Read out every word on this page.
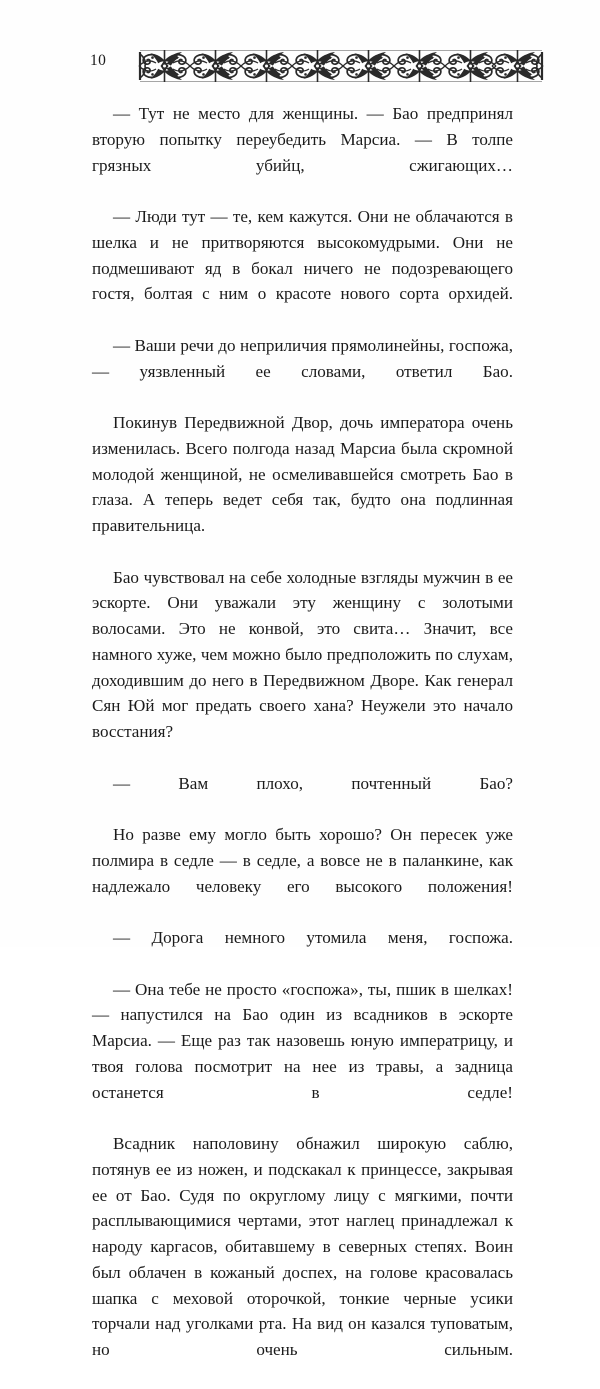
10

— Тут не место для женщины. — Бао предпринял вторую попытку переубедить Марсиа. — В толпе грязных убийц, сжигающих…

— Люди тут — те, кем кажутся. Они не облачаются в шелка и не притворяются высокомудрыми. Они не подмешивают яд в бокал ничего не подозревающего гостя, болтая с ним о красоте нового сорта орхидей.

— Ваши речи до неприличия прямолинейны, госпожа, — уязвленный ее словами, ответил Бао.

Покинув Передвижной Двор, дочь императора очень изменилась. Всего полгода назад Марсиа была скромной молодой женщиной, не осмеливавшейся смотреть Бао в глаза. А теперь ведет себя так, будто она подлинная правительница.

Бао чувствовал на себе холодные взгляды мужчин в ее эскорте. Они уважали эту женщину с золотыми волосами. Это не конвой, это свита… Значит, все намного хуже, чем можно было предположить по слухам, доходившим до него в Передвижном Дворе. Как генерал Сян Юй мог предать своего хана? Неужели это начало восстания?

— Вам плохо, почтенный Бао?

Но разве ему могло быть хорошо? Он пересек уже полмира в седле — в седле, а вовсе не в паланкине, как надлежало человеку его высокого положения!

— Дорога немного утомила меня, госпожа.

— Она тебе не просто «госпожа», ты, пшик в шелках! — напустился на Бао один из всадников в эскорте Марсиа. — Еще раз так назовешь юную императрицу, и твоя голова посмотрит на нее из травы, а задница останется в седле!

Всадник наполовину обнажил широкую саблю, потянув ее из ножен, и подскакал к принцессе, закрывая ее от Бао. Судя по округлому лицу с мягкими, почти расплывающимися чертами, этот наглец принадлежал к народу каргасов, обитавшему в северных степях. Воин был облачен в кожаный доспех, на голове красовалась шапка с меховой оторочкой, тонкие черные усики торчали над уголками рта. На вид он казался туповатым, но очень сильным.
